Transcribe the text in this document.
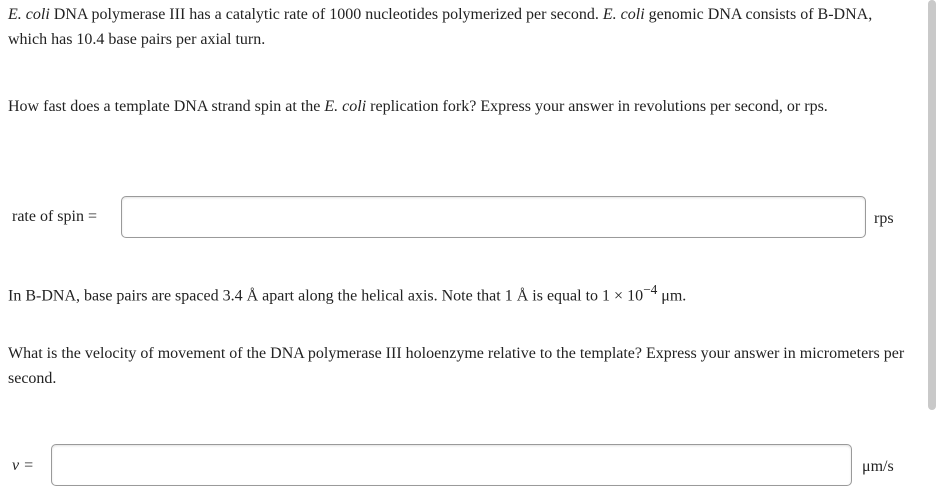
E. coli DNA polymerase III has a catalytic rate of 1000 nucleotides polymerized per second. E. coli genomic DNA consists of B-DNA, which has 10.4 base pairs per axial turn.

How fast does a template DNA strand spin at the E. coli replication fork? Express your answer in revolutions per second, or rps.

rate of spin =	rps

In B-DNA, base pairs are spaced 3.4 Å apart along the helical axis. Note that 1 Å is equal to $1 \times 10^{-4}$ μm.

What is the velocity of movement of the DNA polymerase III holoenzyme relative to the template? Express your answer in micrometers per second.

v =	μm/s
